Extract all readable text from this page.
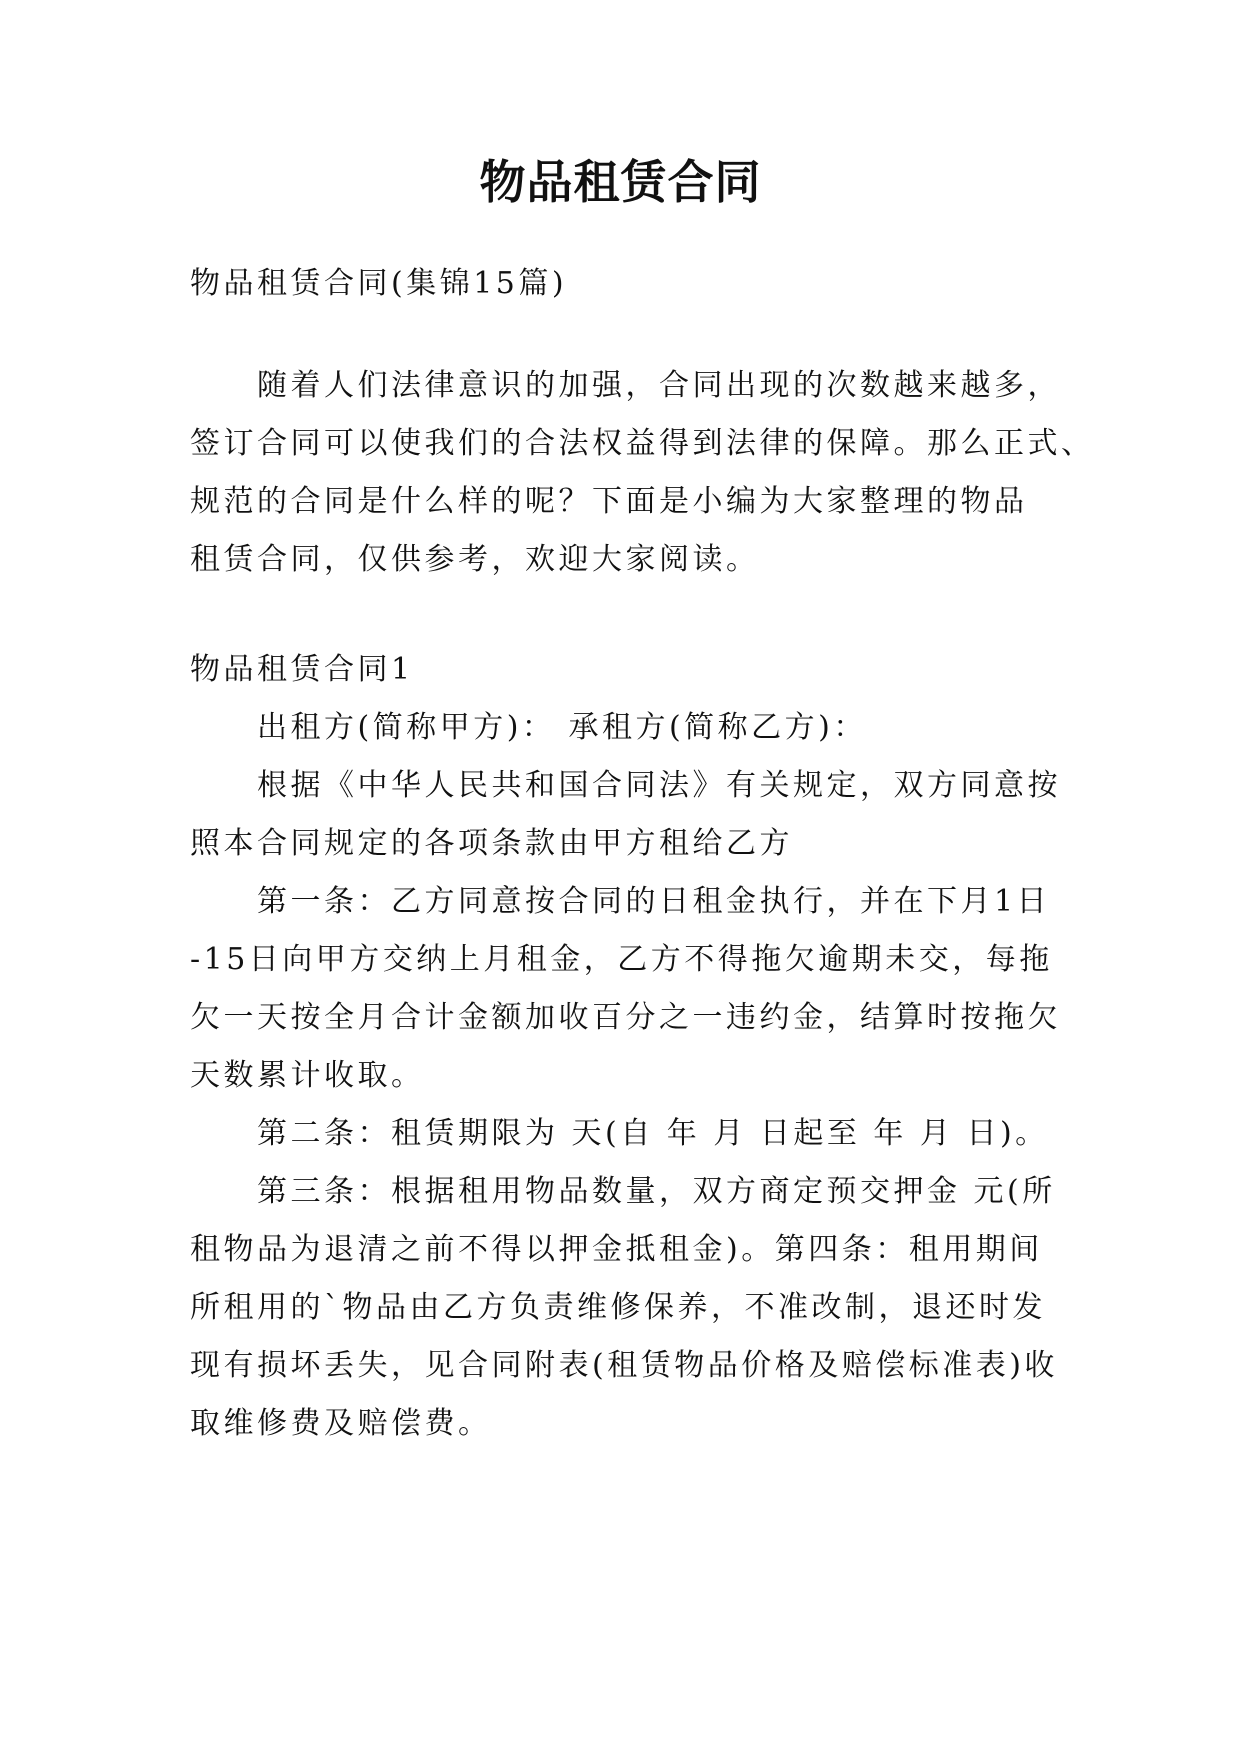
物品租赁合同
物品租赁合同(集锦15篇)
随着人们法律意识的加强，合同出现的次数越来越多，
签订合同可以使我们的合法权益得到法律的保障。那么正式、
规范的合同是什么样的呢？下面是小编为大家整理的物品
租赁合同，仅供参考，欢迎大家阅读。
物品租赁合同1
出租方(简称甲方)： 承租方(简称乙方)：
根据《中华人民共和国合同法》有关规定，双方同意按
照本合同规定的各项条款由甲方租给乙方
第一条：乙方同意按合同的日租金执行，并在下月1日
-15日向甲方交纳上月租金，乙方不得拖欠逾期未交，每拖
欠一天按全月合计金额加收百分之一违约金，结算时按拖欠
天数累计收取。
第二条：租赁期限为 天(自 年 月 日起至 年 月 日)。
第三条：根据租用物品数量，双方商定预交押金 元(所
租物品为退清之前不得以押金抵租金)。第四条：租用期间
所租用的`物品由乙方负责维修保养，不准改制，退还时发
现有损坏丢失，见合同附表(租赁物品价格及赔偿标准表)收
取维修费及赔偿费。
